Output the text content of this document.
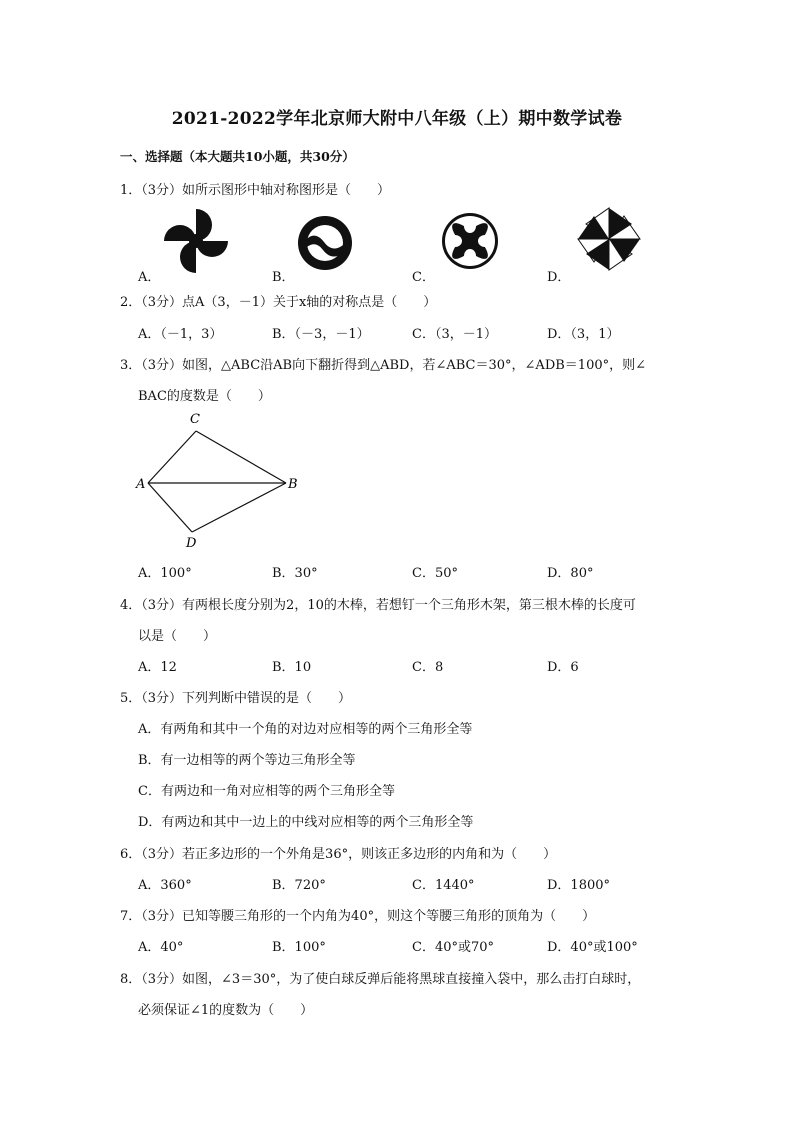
2021-2022学年北京师大附中八年级（上）期中数学试卷
一、选择题（本大题共10小题，共30分）
1．（3分）如所示图形中轴对称图形是（　　）
A．	B．	C．	D．
2．（3分）点A（3，－1）关于x轴的对称点是（　　）
A．（－1，3）	B．（－3，－1）	C．（3，－1）	D．（3，1）
3．（3分）如图，△ABC沿AB向下翻折得到△ABD，若∠ABC＝30°，∠ADB＝100°，则∠
BAC的度数是（　　）
C
A	B
D
A．100°	B．30°	C．50°	D．80°
4．（3分）有两根长度分别为2，10的木棒，若想钉一个三角形木架，第三根木棒的长度可
以是（　　）
A．12	B．10	C．8	D．6
5．（3分）下列判断中错误的是（　　）
A．有两角和其中一个角的对边对应相等的两个三角形全等
B．有一边相等的两个等边三角形全等
C．有两边和一角对应相等的两个三角形全等
D．有两边和其中一边上的中线对应相等的两个三角形全等
6．（3分）若正多边形的一个外角是36°，则该正多边形的内角和为（　　）
A．360°	B．720°	C．1440°	D．1800°
7．（3分）已知等腰三角形的一个内角为40°，则这个等腰三角形的顶角为（　　）
A．40°	B．100°	C．40°或70°	D．40°或100°
8．（3分）如图，∠3＝30°，为了使白球反弹后能将黑球直接撞入袋中，那么击打白球时，
必须保证∠1的度数为（　　）
